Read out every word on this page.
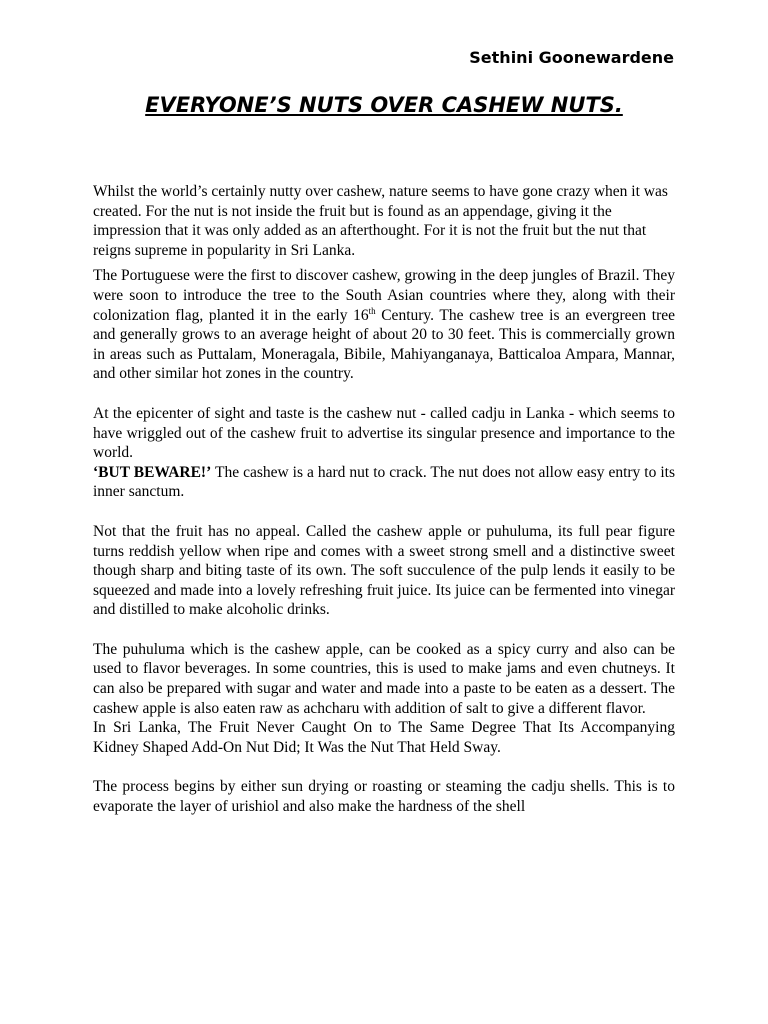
Sethini Goonewardene

EVERYONE’S NUTS OVER CASHEW NUTS.

Whilst the world’s certainly nutty over cashew, nature seems to have gone crazy when it was created. For the nut is not inside the fruit but is found as an appendage, giving it the impression that it was only added as an afterthought. For it is not the fruit but the nut that reigns supreme in popularity in Sri Lanka.

The Portuguese were the first to discover cashew, growing in the deep jungles of Brazil. They were soon to introduce the tree to the South Asian countries where they, along with their colonization flag, planted it in the early 16th Century. The cashew tree is an evergreen tree and generally grows to an average height of about 20 to 30 feet. This is commercially grown in areas such as Puttalam, Moneragala, Bibile, Mahiyanganaya, Batticaloa Ampara, Mannar, and other similar hot zones in the country.

At the epicenter of sight and taste is the cashew nut - called cadju in Lanka - which seems to have wriggled out of the cashew fruit to advertise its singular presence and importance to the world.

‘BUT BEWARE!’ The cashew is a hard nut to crack. The nut does not allow easy entry to its inner sanctum.

Not that the fruit has no appeal. Called the cashew apple or puhuluma, its full pear figure turns reddish yellow when ripe and comes with a sweet strong smell and a distinctive sweet though sharp and biting taste of its own. The soft succulence of the pulp lends it easily to be squeezed and made into a lovely refreshing fruit juice. Its juice can be fermented into vinegar and distilled to make alcoholic drinks.

The puhuluma which is the cashew apple, can be cooked as a spicy curry and also can be used to flavor beverages. In some countries, this is used to make jams and even chutneys. It can also be prepared with sugar and water and made into a paste to be eaten as a dessert. The cashew apple is also eaten raw as achcharu with addition of salt to give a different flavor.

In Sri Lanka, The Fruit Never Caught On to The Same Degree That Its Accompanying Kidney Shaped Add-On Nut Did; It Was the Nut That Held Sway.

The process begins by either sun drying or roasting or steaming the cadju shells. This is to evaporate the layer of urishiol and also make the hardness of the shell
